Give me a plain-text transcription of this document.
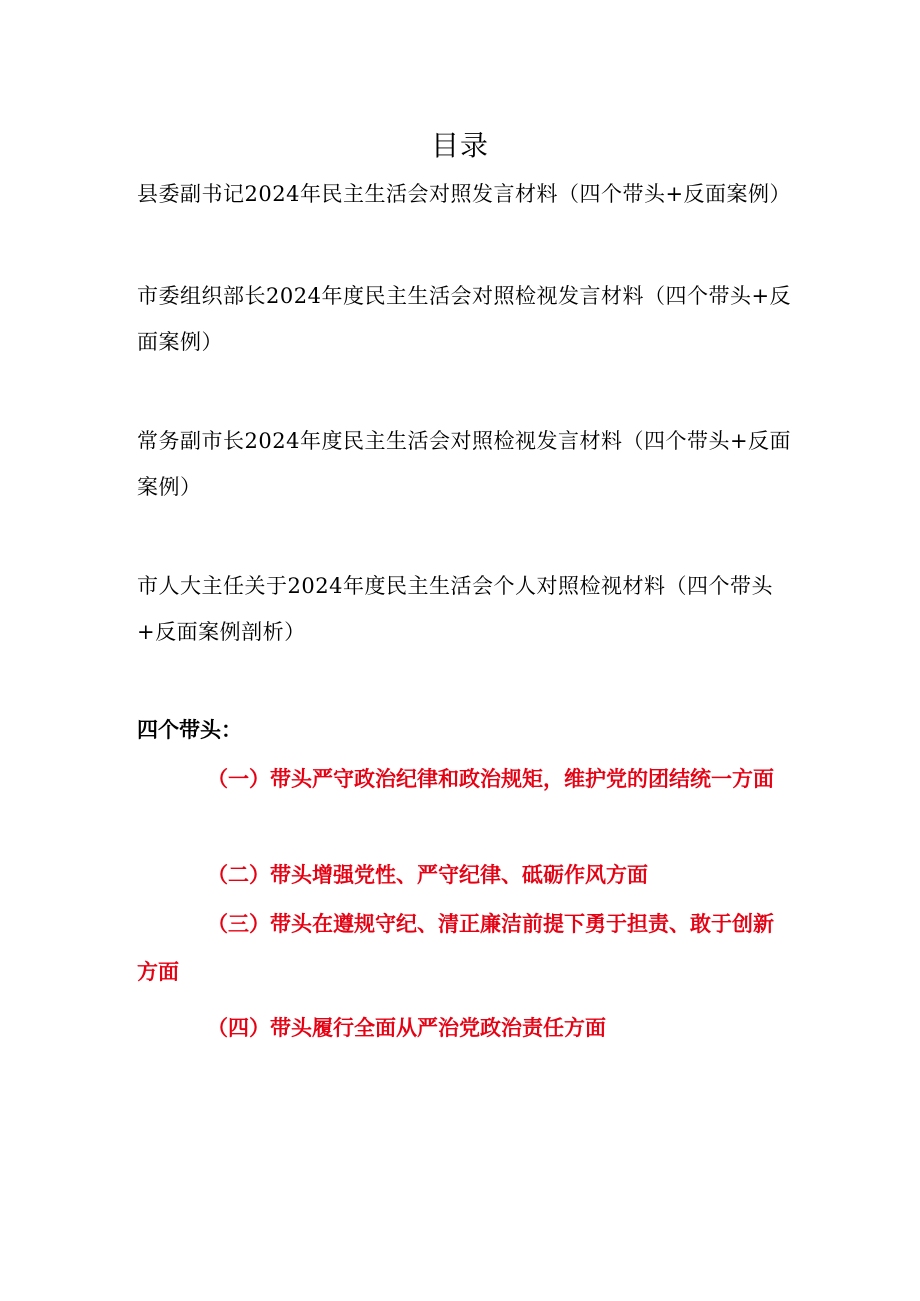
目录
县委副书记2024年民主生活会对照发言材料（四个带头+反面案例）
市委组织部长2024年度民主生活会对照检视发言材料（四个带头+反面案例）
常务副市长2024年度民主生活会对照检视发言材料（四个带头+反面案例）
市人大主任关于2024年度民主生活会个人对照检视材料（四个带头+反面案例剖析）
四个带头：
（一）带头严守政治纪律和政治规矩，维护党的团结统一方面
（二）带头增强党性、严守纪律、砥砺作风方面
（三）带头在遵规守纪、清正廉洁前提下勇于担责、敢于创新方面
（四）带头履行全面从严治党政治责任方面
